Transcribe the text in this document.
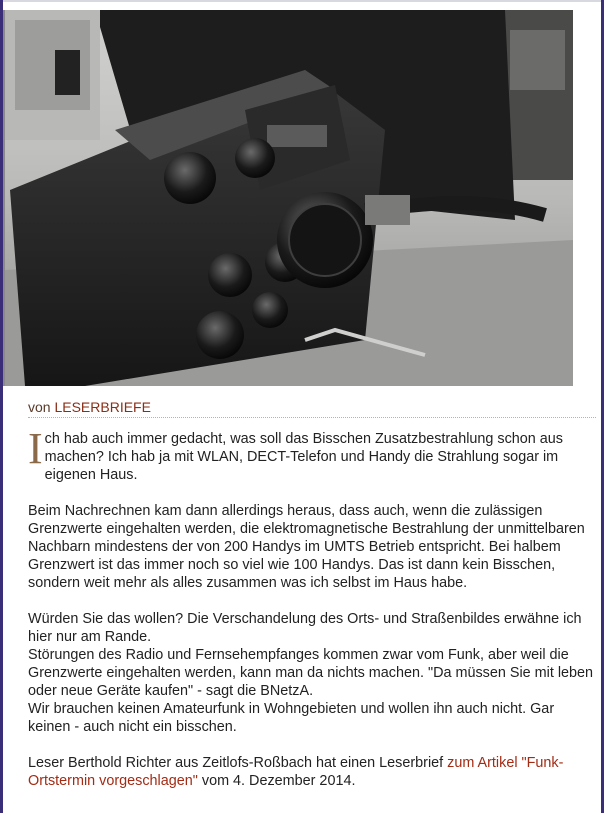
von LESERBRIEFE

Ich hab auch immer gedacht, was soll das Bisschen Zusatzbestrahlung schon aus machen? Ich hab ja mit WLAN, DECT-Telefon und Handy die Strahlung sogar im eigenen Haus.

Beim Nachrechnen kam dann allerdings heraus, dass auch, wenn die zulässigen Grenzwerte eingehalten werden, die elektromagnetische Bestrahlung der unmittelbaren Nachbarn mindestens der von 200 Handys im UMTS Betrieb entspricht. Bei halbem Grenzwert ist das immer noch so viel wie 100 Handys. Das ist dann kein Bisschen, sondern weit mehr als alles zusammen was ich selbst im Haus habe.

Würden Sie das wollen? Die Verschandelung des Orts- und Straßenbildes erwähne ich hier nur am Rande.
Störungen des Radio und Fernsehempfanges kommen zwar vom Funk, aber weil die Grenzwerte eingehalten werden, kann man da nichts machen. "Da müssen Sie mit leben oder neue Geräte kaufen" - sagt die BNetzA.
Wir brauchen keinen Amateurfunk in Wohngebieten und wollen ihn auch nicht. Gar keinen - auch nicht ein bisschen.

Leser Berthold Richter aus Zeitlofs-Roßbach hat einen Leserbrief zum Artikel "Funk-Ortstermin vorgeschlagen" vom 4. Dezember 2014.
